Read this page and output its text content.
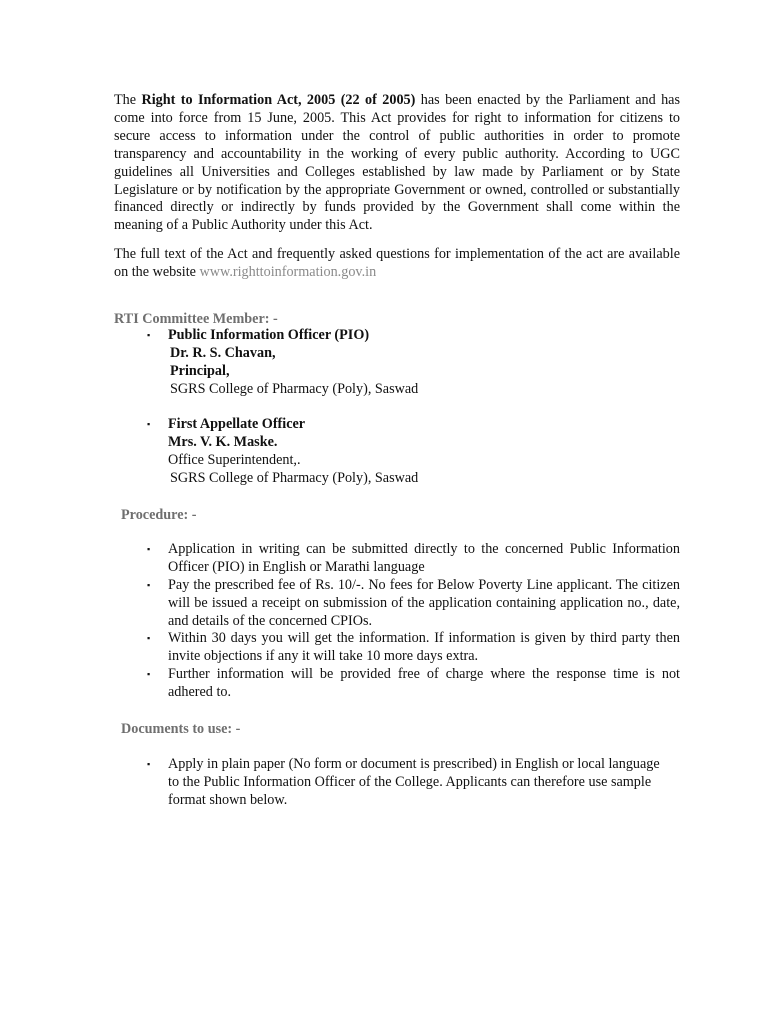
The Right to Information Act, 2005 (22 of 2005) has been enacted by the Parliament and has come into force from 15 June, 2005. This Act provides for right to information for citizens to secure access to information under the control of public authorities in order to promote transparency and accountability in the working of every public authority. According to UGC guidelines all Universities and Colleges established by law made by Parliament or by State Legislature or by notification by the appropriate Government or owned, controlled or substantially financed directly or indirectly by funds provided by the Government shall come within the meaning of a Public Authority under this Act.

The full text of the Act and frequently asked questions for implementation of the act are available on the website www.righttoinformation.gov.in

RTI Committee Member: -

▪ Public Information Officer (PIO)
Dr. R. S. Chavan,
Principal,
SGRS College of Pharmacy (Poly), Saswad
▪ First Appellate Officer
Mrs. V. K. Maske.
Office Superintendent,.
SGRS College of Pharmacy (Poly), Saswad

Procedure: -

▪ Application in writing can be submitted directly to the concerned Public Information Officer (PIO) in English or Marathi language

▪ Pay the prescribed fee of Rs. 10/-. No fees for Below Poverty Line applicant. The citizen will be issued a receipt on submission of the application containing application no., date, and details of the concerned CPIOs.

▪ Within 30 days you will get the information. If information is given by third party then invite objections if any it will take 10 more days extra.

▪ Further information will be provided free of charge where the response time is not adhered to.

Documents to use: -

▪ Apply in plain paper (No form or document is prescribed) in English or local language to the Public Information Officer of the College. Applicants can therefore use sample format shown below.
